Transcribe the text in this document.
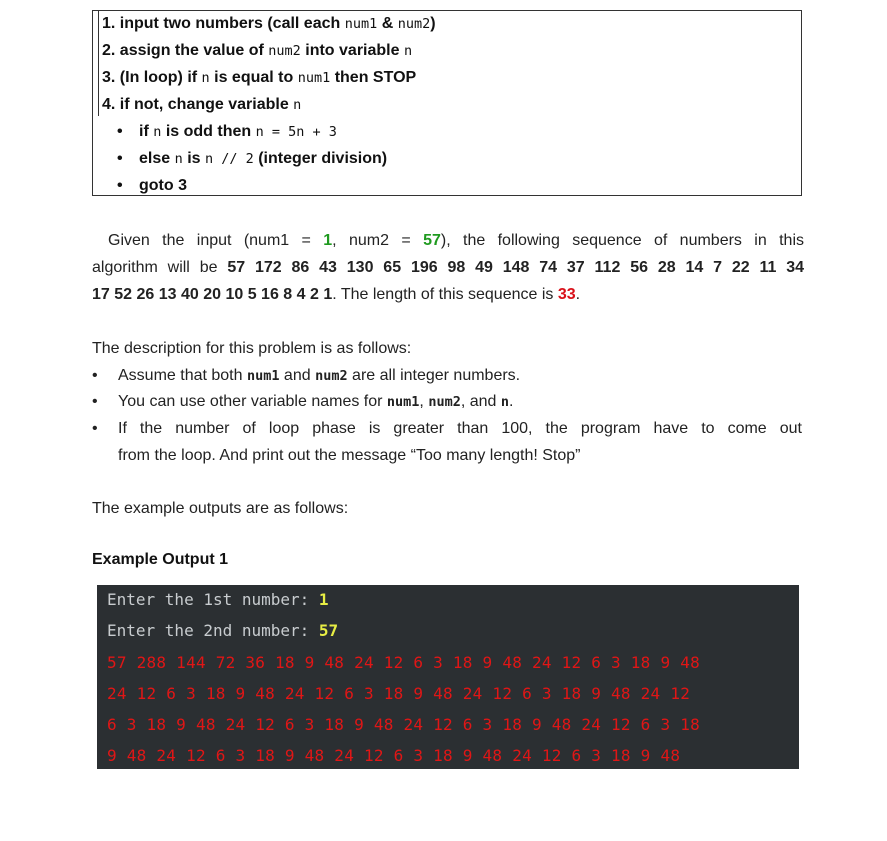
1. input two numbers (call each num1 & num2)
2. assign the value of num2 into variable n
3. (In loop) if n is equal to num1 then STOP
4. if not, change variable n
• if n is odd then n = 5n + 3
• else n is n // 2 (integer division)
• goto 3
Given the input (num1 = 1, num2 = 57), the following sequence of numbers in this
algorithm will be 57 172 86 43 130 65 196 98 49 148 74 37 112 56 28 14 7 22 11 34
17 52 26 13 40 20 10 5 16 8 4 2 1. The length of this sequence is 33.
The description for this problem is as follows:
• Assume that both num1 and num2 are all integer numbers.
• You can use other variable names for num1, num2, and n.
•	If the number of loop phase is greater than 100, the program have to come out
from the loop. And print out the message “Too many length! Stop”
The example outputs are as follows:
Example Output 1
Enter the 1st number: 1
Enter the 2nd number: 57
57 288 144 72 36 18 9 48 24 12 6 3 18 9 48 24 12 6 3 18 9 48
24 12 6 3 18 9 48 24 12 6 3 18 9 48 24 12 6 3 18 9 48 24 12
6 3 18 9 48 24 12 6 3 18 9 48 24 12 6 3 18 9 48 24 12 6 3 18
9 48 24 12 6 3 18 9 48 24 12 6 3 18 9 48 24 12 6 3 18 9 48
